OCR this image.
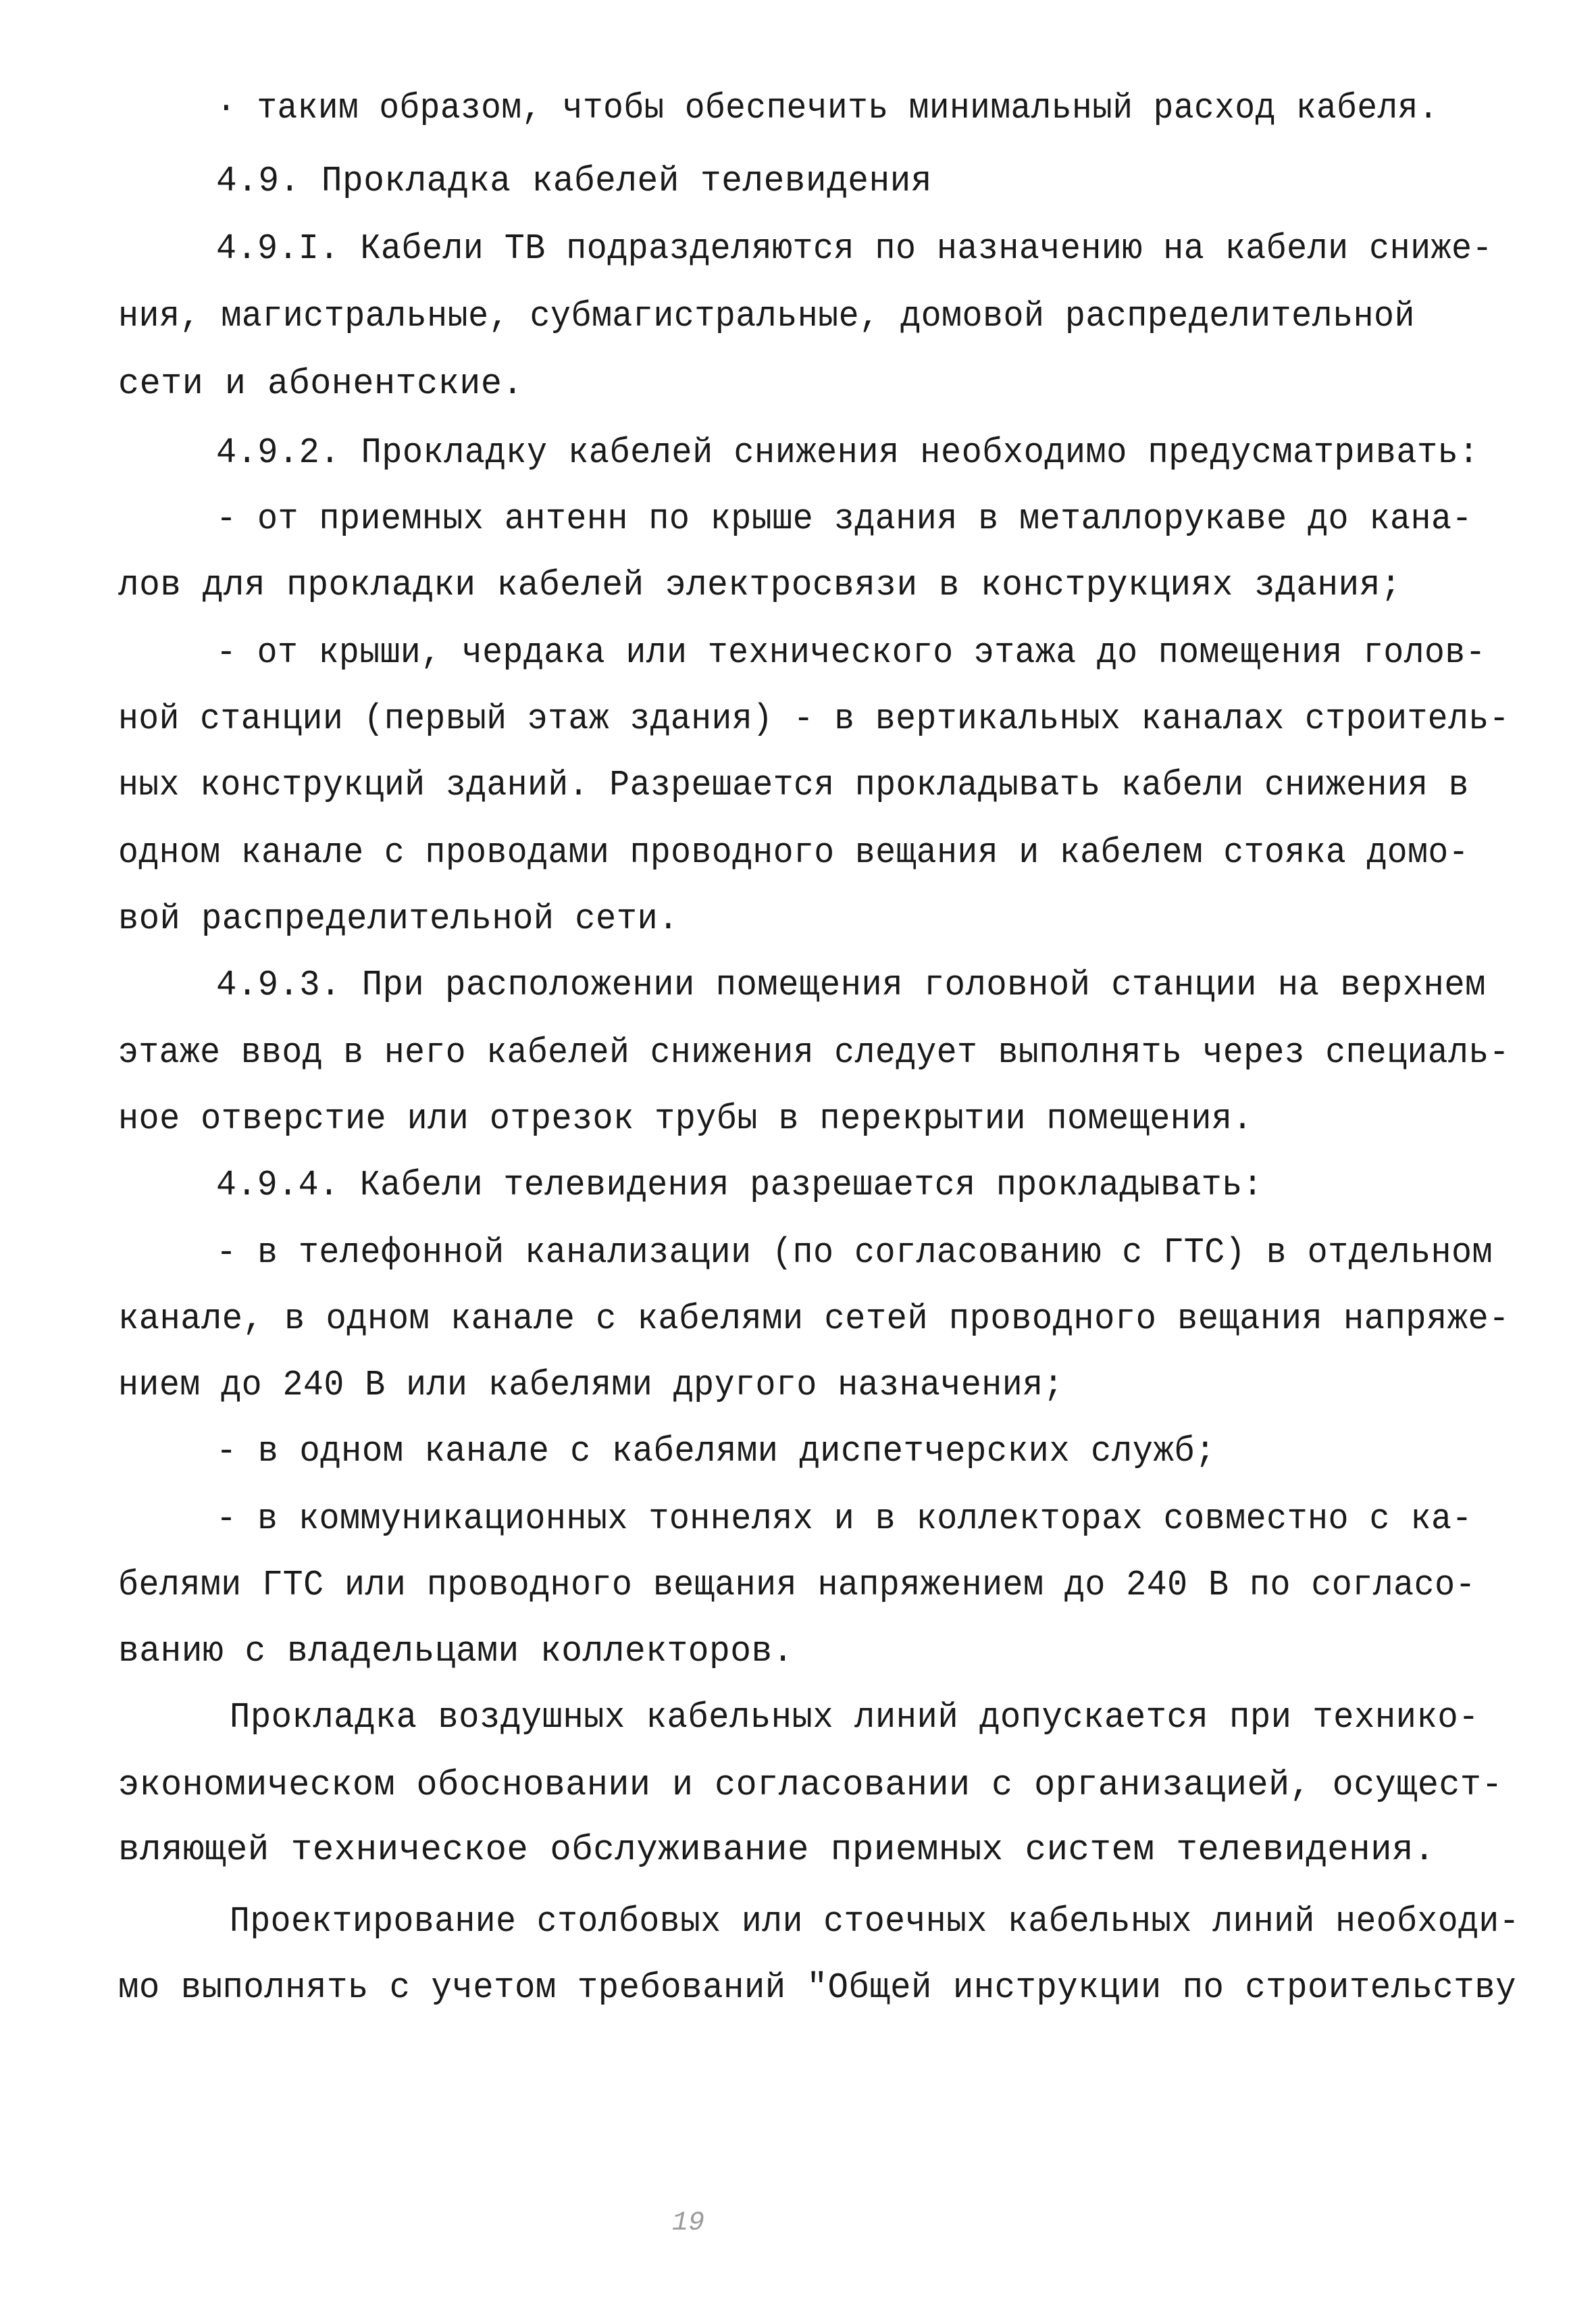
· таким образом, чтобы обеспечить минимальный расход кабеля.
4.9. Прокладка кабелей телевидения
4.9.I. Кабели ТВ подразделяются по назначению на кабели сниже-
ния, магистральные, субмагистральные, домовой распределительной
сети и абонентские.
4.9.2. Прокладку кабелей снижения необходимо предусматривать:
- от приемных антенн по крыше здания в металлорукаве до кана-
лов для прокладки кабелей электросвязи в конструкциях здания;
- от крыши, чердака или технического этажа до помещения голов-
ной станции (первый этаж здания) - в вертикальных каналах строитель-
ных конструкций зданий. Разрешается прокладывать кабели снижения в
одном канале с проводами проводного вещания и кабелем стояка домо-
вой распределительной сети.
4.9.3. При расположении помещения головной станции на верхнем
этаже ввод в него кабелей снижения следует выполнять через специаль-
ное отверстие или отрезок трубы в перекрытии помещения.
4.9.4. Кабели телевидения разрешается прокладывать:
- в телефонной канализации (по согласованию с ГТС) в отдельном
канале, в одном канале с кабелями сетей проводного вещания напряже-
нием до 240 В или кабелями другого назначения;
- в одном канале с кабелями диспетчерских служб;
- в коммуникационных тоннелях и в коллекторах совместно с ка-
белями ГТС или проводного вещания напряжением до 240 В по согласо-
ванию с владельцами коллекторов.
Прокладка воздушных кабельных линий допускается при технико-
экономическом обосновании и согласовании с организацией, осущест-
вляющей техническое обслуживание приемных систем телевидения.
Проектирование столбовых или стоечных кабельных линий необходи-
мо выполнять с учетом требований "Общей инструкции по строительству
19
